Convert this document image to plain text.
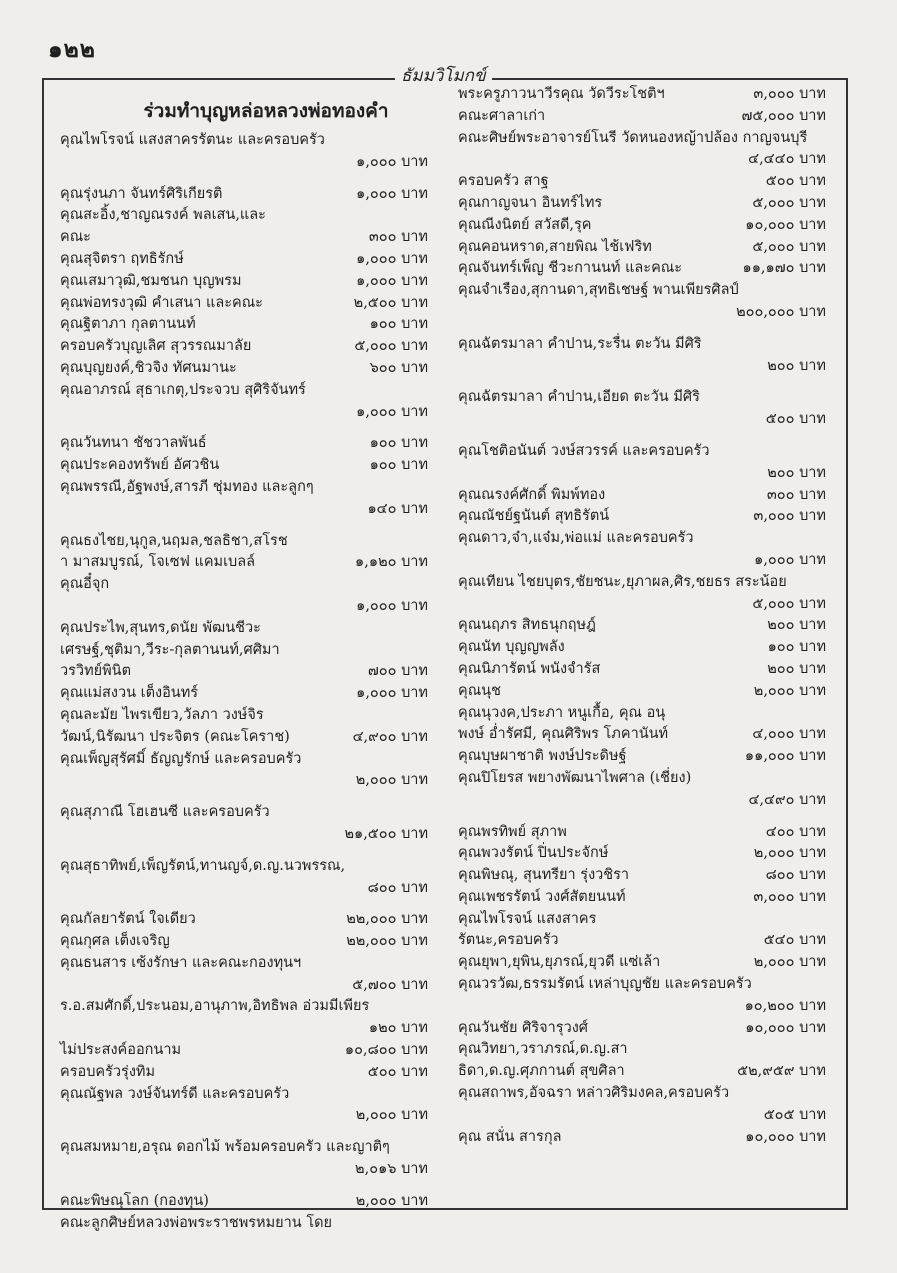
๑๒๒
ธัมมวิโมกข์
ร่วมทำบุญหล่อหลวงพ่อทองคำ
คุณไพโรจน์ แสงสาครรัตนะ และครอบครัว
๑,๐๐๐ บาท
คุณรุ่งนภา จันทร์ศิริเกียรติ	๑,๐๐๐ บาท
คุณสะอิ้ง,ชาญณรงค์ พลเสน,และคณะ	๓๐๐ บาท
คุณสุจิตรา ฤทธิรักษ์	๑,๐๐๐ บาท
คุณเสมาวุฒิ,ชมชนก บุญพรม	๑,๐๐๐ บาท
คุณพ่อทรงวุฒิ คำเสนา และคณะ	๒,๕๐๐ บาท
คุณฐิตาภา กุลตานนท์	๑๐๐ บาท
ครอบครัวบุญเลิศ สุวรรณมาลัย	๕,๐๐๐ บาท
คุณบุญยงค์,ชิวจิง ทัศนมานะ	๖๐๐ บาท
คุณอาภรณ์ สุธาเกตุ,ประจวบ สุศิริจันทร์
๑,๐๐๐ บาท
คุณวันทนา ชัชวาลพันธ์	๑๐๐ บาท
คุณประคองทรัพย์ อัศวชิน	๑๐๐ บาท
คุณพรรณี,อัฐพงษ์,สารภี ชุ่มทอง และลูกๆ
๑๔๐ บาท
คุณธงไชย,นุกูล,นฤมล,ชลธิชา,สโรชา มาสมบูรณ์, โจเซฟ แคมเบลล์	๑,๑๒๐ บาท
คุณอี๋จุก
๑,๐๐๐ บาท
คุณประไพ,สุนทร,ดนัย พัฒนชีวะเศรษฐ์,ชุติมา,วีระ-กุลตานนท์,ศศิมา วรวิทย์พินิต	๗๐๐ บาท
คุณแม่สงวน เต็งอินทร์	๑,๐๐๐ บาท
คุณละมัย ไพรเขียว,วัลภา วงษ์จิรวัฒน์,นิรัฒนา ประจิตร (คณะโคราช)	๔,๙๐๐ บาท
คุณเพ็ญสุรัศมิ์ ธัญญรักษ์ และครอบครัว
๒,๐๐๐ บาท
คุณสุภาณี โฮเฮนซี และครอบครัว
๒๑,๕๐๐ บาท
คุณสุธาทิพย์,เพ็ญรัตน์,ทานญจ์,ด.ญ.นวพรรณ,
๘๐๐ บาท
คุณกัลยารัตน์ ใจเดียว	๒๒,๐๐๐ บาท
คุณกุศล เต็งเจริญ	๒๒,๐๐๐ บาท
คุณธนสาร เซ้งรักษา และคณะกองทุนฯ
๕,๗๐๐ บาท
ร.อ.สมศักดิ์,ประนอม,อานุภาพ,อิทธิพล อ่วมมีเพียร
๑๒๐ บาท
ไม่ประสงค์ออกนาม	๑๐,๘๐๐ บาท
ครอบครัวรุ่งทิม	๕๐๐ บาท
คุณณัฐพล วงษ์จันทร์ดี และครอบครัว
๒,๐๐๐ บาท
คุณสมหมาย,อรุณ ดอกไม้ พร้อมครอบครัว และญาติๆ
๒,๐๑๖ บาท
คณะพิษณุโลก (กองทุน)	๒,๐๐๐ บาท
คณะลูกศิษย์หลวงพ่อพระราชพรหมยาน โดย
พระครูภาวนาวีรคุณ วัดวีระโชติฯ	๓,๐๐๐ บาท
คณะศาลาเก่า	๗๕,๐๐๐ บาท
คณะศิษย์พระอาจารย์โนรี วัดหนองหญ้าปล้อง กาญจนบุรี
๔,๔๔๐ บาท
ครอบครัว สาฐ	๕๐๐ บาท
คุณกาญจนา อินทร์ไทร	๕,๐๐๐ บาท
คุณณีงนิตย์ สวัสดี,รุค	๑๐,๐๐๐ บาท
คุณคอนหราด,สายพิณ ไช้เฟริท	๕,๐๐๐ บาท
คุณจันทร์เพ็ญ ชีวะกานนท์ และคณะ	๑๑,๑๗๐ บาท
คุณจำเรือง,สุกานดา,สุทธิเชษฐ์ พานเพียรศิลป์
๒๐๐,๐๐๐ บาท
คุณฉัตรมาลา คำปาน,ระรื่น ตะวัน มีศิริ
๒๐๐ บาท
คุณฉัตรมาลา คำปาน,เอียด ตะวัน มีศิริ
๕๐๐ บาท
คุณโชติอนันต์ วงษ์สวรรค์ และครอบครัว
๒๐๐ บาท
คุณณรงค์ศักดิ์ พิมพ์ทอง	๓๐๐ บาท
คุณณัชย์ฐนันต์ สุทธิรัตน์	๓,๐๐๐ บาท
คุณดาว,จ๋า,แจ๋ม,พ่อแม่ และครอบครัว
๑,๐๐๐ บาท
คุณเทียน ไชยบุตร,ชัยชนะ,ยุภาผล,ศิร,ชยธร สระน้อย
๕,๐๐๐ บาท
คุณนฤภร สิทธนุกฤษฎ์	๒๐๐ บาท
คุณนัท บุญญพลัง	๑๐๐ บาท
คุณนิภารัตน์ พนังจำรัส	๒๐๐ บาท
คุณนุช	๒,๐๐๐ บาท
คุณนุวงค,ประภา หนูเกื้อ, คุณ อนุพงษ์ อ่ำรัศมี, คุณศิริพร โภคานันท์	๔,๐๐๐ บาท
คุณบุษผาชาติ พงษ์ประดิษฐ์	๑๑,๐๐๐ บาท
คุณปิโยรส พยางพัฒนาไพศาล (เชี่ยง)
๔,๔๙๐ บาท
คุณพรทิพย์ สุภาพ	๔๐๐ บาท
คุณพวงรัตน์ ปิ่นประจักษ์	๒,๐๐๐ บาท
คุณพิษณุ, สุนทรียา รุ่งวชิรา	๘๐๐ บาท
คุณเพชรรัตน์ วงศ์สัตยนนท์	๓,๐๐๐ บาท
คุณไพโรจน์ แสงสาครรัตนะ,ครอบครัว	๕๔๐ บาท
คุณยุพา,ยุพิน,ยุภรณ์,ยุวดี แซ่เล้า	๒,๐๐๐ บาท
คุณวรวัฒ,ธรรมรัตน์ เหล่าบุญชัย และครอบครัว
๑๐,๒๐๐ บาท
คุณวันชัย ศิริจารุวงศ์	๑๐,๐๐๐ บาท
คุณวิทยา,วราภรณ์,ด.ญ.สาธิดา,ด.ญ.ศุภกานต์ สุขศิลา	๕๒,๙๕๙ บาท
คุณสถาพร,อัจฉรา หล่าวศิริมงคล,ครอบครัว
๕๐๕ บาท
คุณ สนั่น สารกุล	๑๐,๐๐๐ บาท
